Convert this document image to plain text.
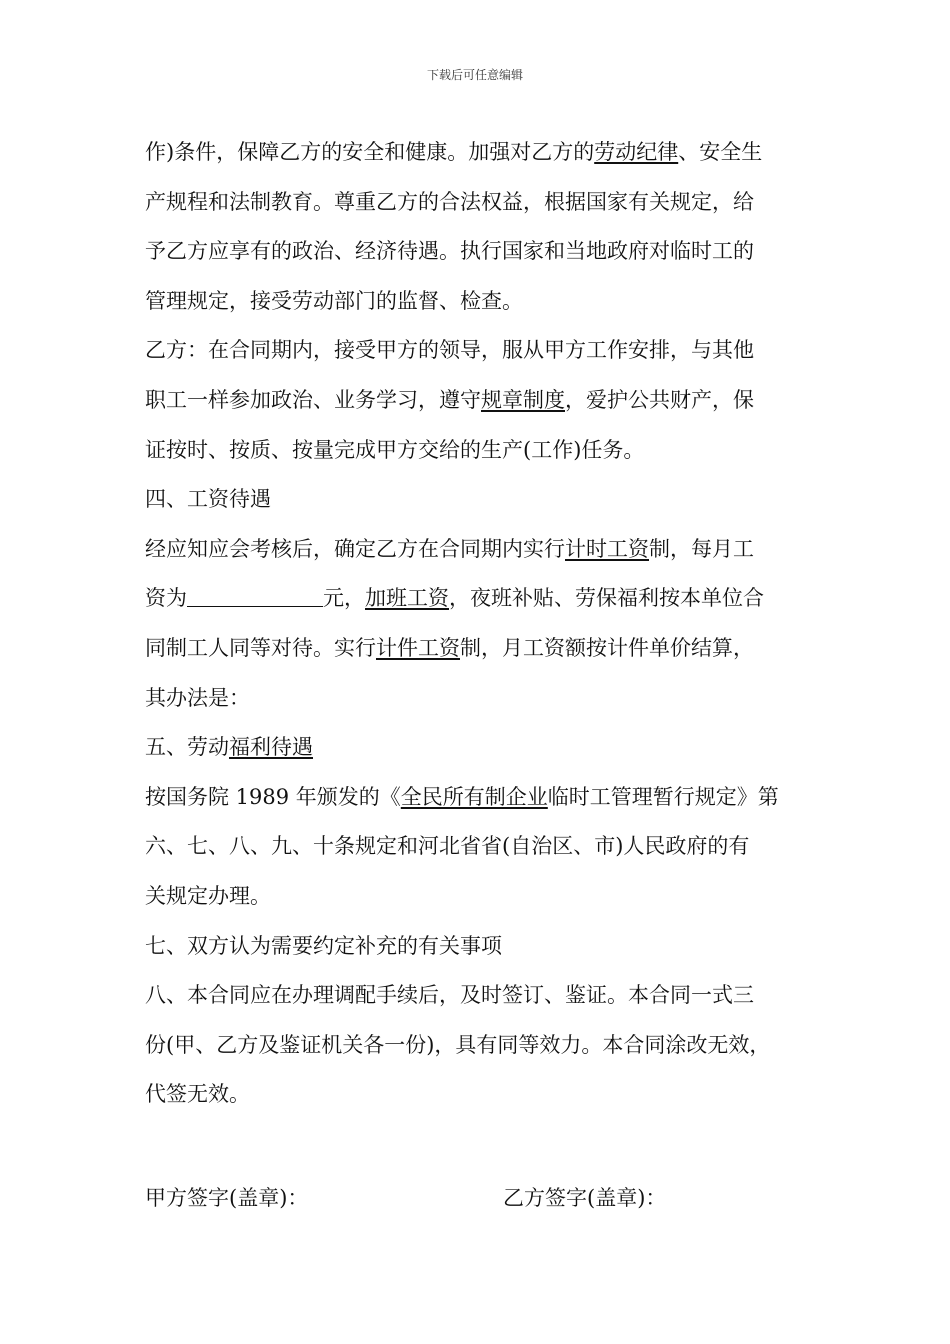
下载后可任意编辑
作)条件，保障乙方的安全和健康。加强对乙方的劳动纪律、安全生
产规程和法制教育。尊重乙方的合法权益，根据国家有关规定，给
予乙方应享有的政治、经济待遇。执行国家和当地政府对临时工的
管理规定，接受劳动部门的监督、检查。
乙方：在合同期内，接受甲方的领导，服从甲方工作安排，与其他
职工一样参加政治、业务学习，遵守规章制度，爱护公共财产，保
证按时、按质、按量完成甲方交给的生产(工作)任务。
四、工资待遇
经应知应会考核后，确定乙方在合同期内实行计时工资制，每月工
资为	元，加班工资，夜班补贴、劳保福利按本单位合
同制工人同等对待。实行计件工资制，月工资额按计件单价结算，
其办法是：
五、劳动福利待遇
按国务院 1989 年颁发的《全民所有制企业临时工管理暂行规定》第
六、七、八、九、十条规定和河北省省(自治区、市)人民政府的有
关规定办理。
七、双方认为需要约定补充的有关事项
八、本合同应在办理调配手续后，及时签订、鉴证。本合同一式三
份(甲、乙方及鉴证机关各一份)，具有同等效力。本合同涂改无效，
代签无效。
甲方签字(盖章)：	乙方签字(盖章)：
